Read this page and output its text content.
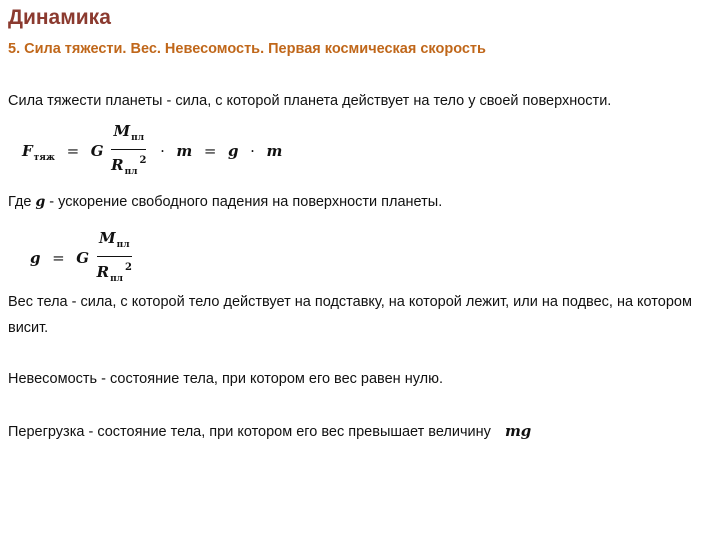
Динамика
5. Сила тяжести. Вес. Невесомость. Первая космическая скорость
Сила тяжести планеты - сила, с которой планета действует на тело у своей поверхности.
$F_{тяж} = G \frac{M_{пл}}{R_{пл}^2} \cdot m = g \cdot m$
Где g - ускорение свободного падения на поверхности планеты.
g = G $\frac{M_{пл}}{R_{пл}^2}$
Вес тела - сила, с которой тело действует на подставку, на которой лежит, или на подвес, на котором висит.
Невесомость - состояние тела, при котором его вес равен нулю.
Перегрузка - состояние тела, при котором его вес превышает величину mg
